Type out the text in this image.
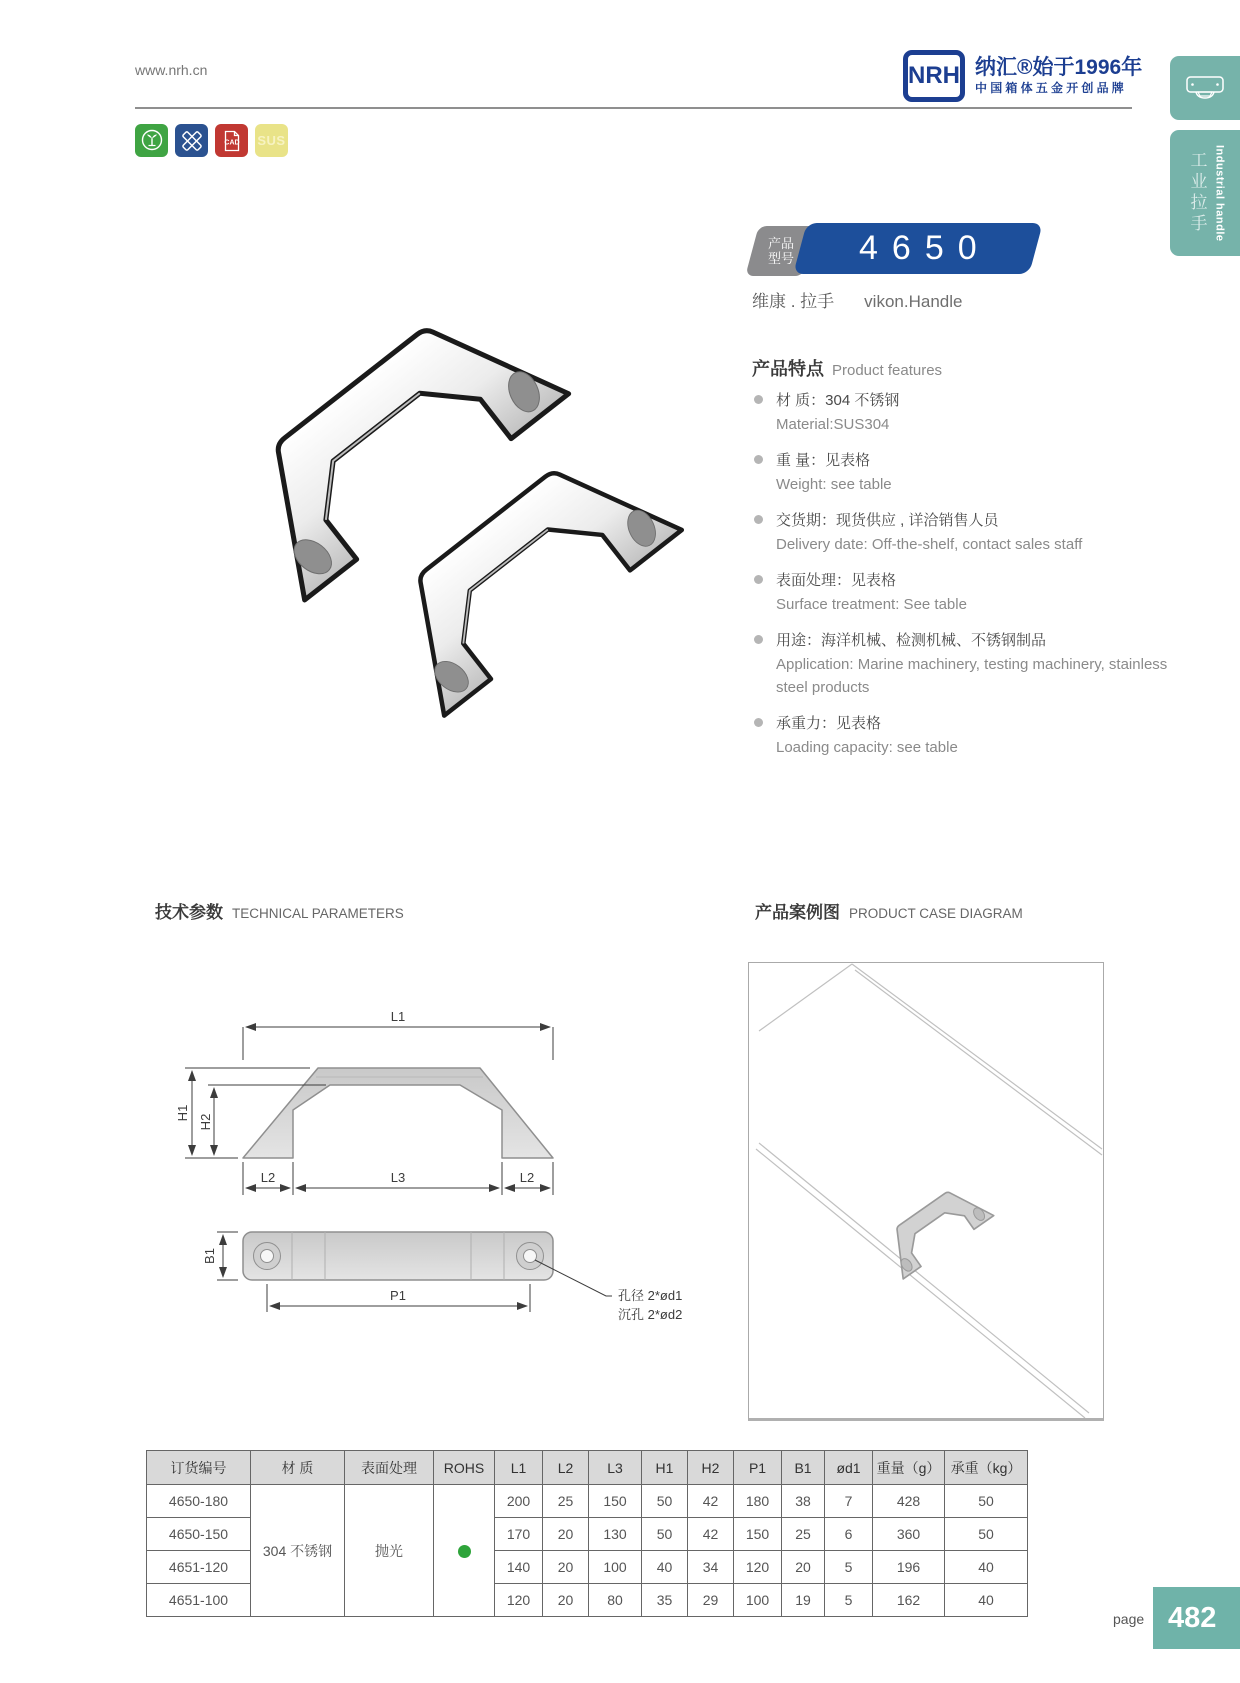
www.nrh.cn	NRH 纳汇®始于1996年
中国箱体五金开创品牌
CAD SUS
工业拉手 Industrial handle
产品
型号	4650
维康 . 拉手 vikon.Handle
产品特点 Product features
材 质：304 不锈钢
Material:SUS304
重 量：见表格
Weight: see table
交货期：现货供应 , 详洽销售人员
Delivery date: Off-the-shelf, contact sales staff
表面处理：见表格
Surface treatment: See table
用途：海洋机械、检测机械、不锈钢制品
Application: Marine machinery, testing machinery, stainless steel products
承重力：见表格
Loading capacity: see table
技术参数 TECHNICAL PARAMETERS	产品案例图 PRODUCT CASE DIAGRAM
L1
H1
H2
L2	L3	L2
B1
P1	孔径 2*ød1
沉孔 2*ød2
订货编号	材 质	表面处理	ROHS	L1	L2	L3	H1	H2	P1	B1	ød1	重量（g）	承重（kg）
4650-180	304 不锈钢	抛光		200	25	150	50	42	180	38	7	428	50
4650-150				170	20	130	50	42	150	25	6	360	50
4651-120				140	20	100	40	34	120	20	5	196	40
4651-100				120	20	80	35	29	100	19	5	162	40
page 482
